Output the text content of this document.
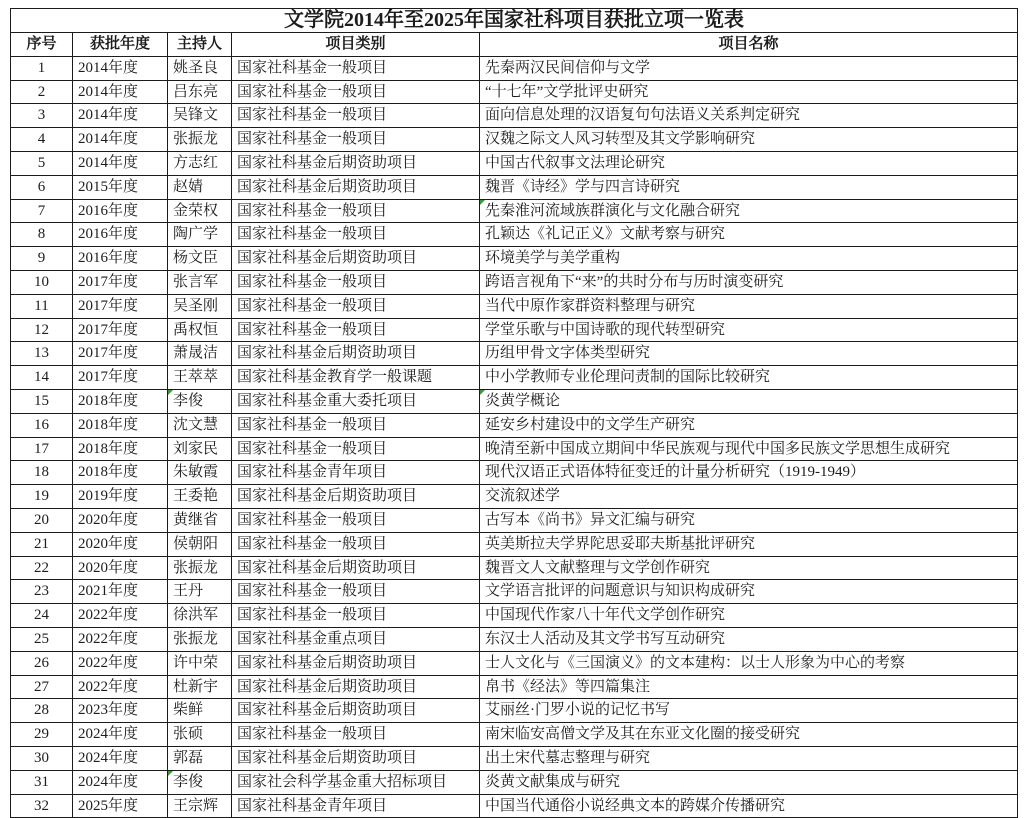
文学院2014年至2025年国家社科项目获批立项一览表				
序号	获批年度	主持人	项目类别	项目名称
1	2014年度	姚圣良	国家社科基金一般项目	先秦两汉民间信仰与文学
2	2014年度	吕东亮	国家社科基金一般项目	“十七年”文学批评史研究
3	2014年度	吴锋文	国家社科基金一般项目	面向信息处理的汉语复句句法语义关系判定研究
4	2014年度	张振龙	国家社科基金一般项目	汉魏之际文人风习转型及其文学影响研究
5	2014年度	方志红	国家社科基金后期资助项目	中国古代叙事文法理论研究
6	2015年度	赵婧	国家社科基金后期资助项目	魏晋《诗经》学与四言诗研究
7	2016年度	金荣权	国家社科基金一般项目	先秦淮河流域族群演化与文化融合研究

8	2016年度	陶广学	国家社科基金一般项目	孔颖达《礼记正义》文献考察与研究
9	2016年度	杨文臣	国家社科基金后期资助项目	环境美学与美学重构
10	2017年度	张言军	国家社科基金一般项目	跨语言视角下“来”的共时分布与历时演变研究
11	2017年度	吴圣刚	国家社科基金一般项目	当代中原作家群资料整理与研究
12	2017年度	禹权恒	国家社科基金一般项目	学堂乐歌与中国诗歌的现代转型研究
13	2017年度	萧晟洁	国家社科基金后期资助项目	历组甲骨文字体类型研究
14	2017年度	王萃萃	国家社科基金教育学一般课题	中小学教师专业伦理问责制的国际比较研究
15	2018年度	李俊	国家社科基金重大委托项目	炎黄学概论

16	2018年度	沈文慧	国家社科基金一般项目	延安乡村建设中的文学生产研究
17	2018年度	刘家民	国家社科基金一般项目	晚清至新中国成立期间中华民族观与现代中国多民族文学思想生成研究
18	2018年度	朱敏霞	国家社科基金青年项目	现代汉语正式语体特征变迁的计量分析研究（1919-1949）
19	2019年度	王委艳	国家社科基金后期资助项目	交流叙述学
20	2020年度	黄继省	国家社科基金一般项目	古写本《尚书》异文汇编与研究
21	2020年度	侯朝阳	国家社科基金一般项目	英美斯拉夫学界陀思妥耶夫斯基批评研究
22	2020年度	张振龙	国家社科基金后期资助项目	魏晋文人文献整理与文学创作研究
23	2021年度	王丹	国家社科基金一般项目	文学语言批评的问题意识与知识构成研究
24	2022年度	徐洪军	国家社科基金一般项目	中国现代作家八十年代文学创作研究
25	2022年度	张振龙	国家社科基金重点项目	东汉士人活动及其文学书写互动研究
26	2022年度	许中荣	国家社科基金后期资助项目	士人文化与《三国演义》的文本建构：以士人形象为中心的考察
27	2022年度	杜新宇	国家社科基金后期资助项目	帛书《经法》等四篇集注
28	2023年度	柴鲜	国家社科基金后期资助项目	艾丽丝·门罗小说的记忆书写
29	2024年度	张硕	国家社科基金一般项目	南宋临安高僧文学及其在东亚文化圈的接受研究
30	2024年度	郭磊	国家社科基金后期资助项目	出土宋代墓志整理与研究
31	2024年度	李俊	国家社会科学基金重大招标项目	炎黄文献集成与研究
32	2025年度	王宗辉	国家社科基金青年项目	中国当代通俗小说经典文本的跨媒介传播研究
